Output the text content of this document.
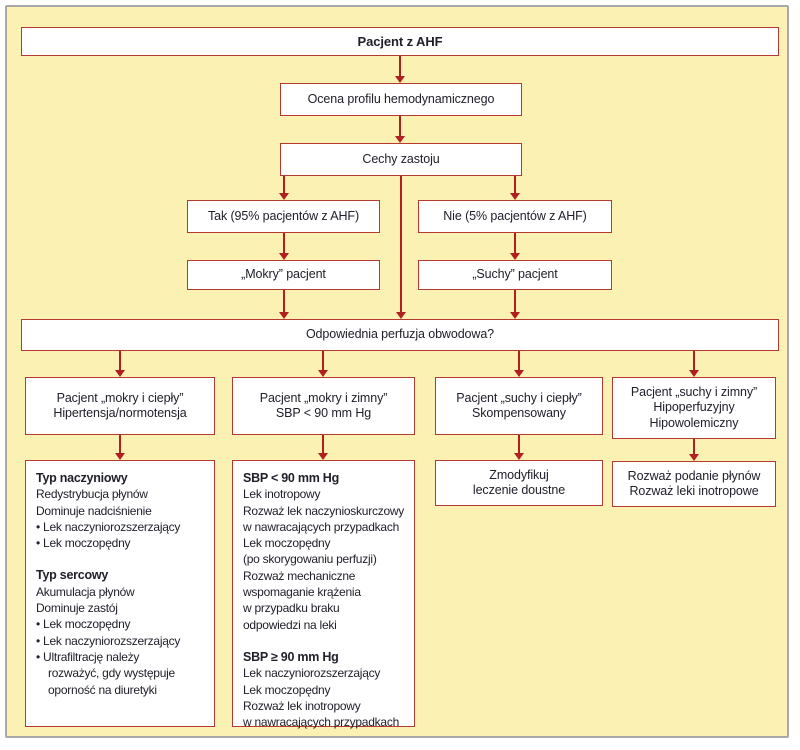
Pacjent z AHF
Ocena profilu hemodynamicznego
Cechy zastoju
Tak (95% pacjentów z AHF)	Nie (5% pacjentów z AHF)
„Mokry” pacjent	„Suchy” pacjent
Odpowiednia perfuzja obwodowa?
Pacjent „mokry i ciepły”
Hipertensja/normotensja
Pacjent „mokry i zimny”
SBP < 90 mm Hg
Pacjent „suchy i ciepły”
Skompensowany
Pacjent „suchy i zimny”
Hipoperfuzyjny
Hipowolemiczny
Typ naczyniowy
Redystrybucja płynów
Dominuje nadciśnienie
• Lek naczyniorozszerzający
• Lek moczopędny
Typ sercowy
Akumulacja płynów
Dominuje zastój
• Lek moczopędny
• Lek naczyniorozszerzający
• Ultrafiltrację należy
rozważyć, gdy występuje
oporność na diuretyki
SBP < 90 mm Hg
Lek inotropowy
Rozważ lek naczynioskurczowy
w nawracających przypadkach
Lek moczopędny
(po skorygowaniu perfuzji)
Rozważ mechaniczne
wspomaganie krążenia
w przypadku braku
odpowiedzi na leki
SBP ≥ 90 mm Hg
Lek naczyniorozszerzający
Lek moczopędny
Rozważ lek inotropowy
w nawracających przypadkach
Zmodyfikuj
leczenie doustne
Rozważ podanie płynów
Rozważ leki inotropowe
